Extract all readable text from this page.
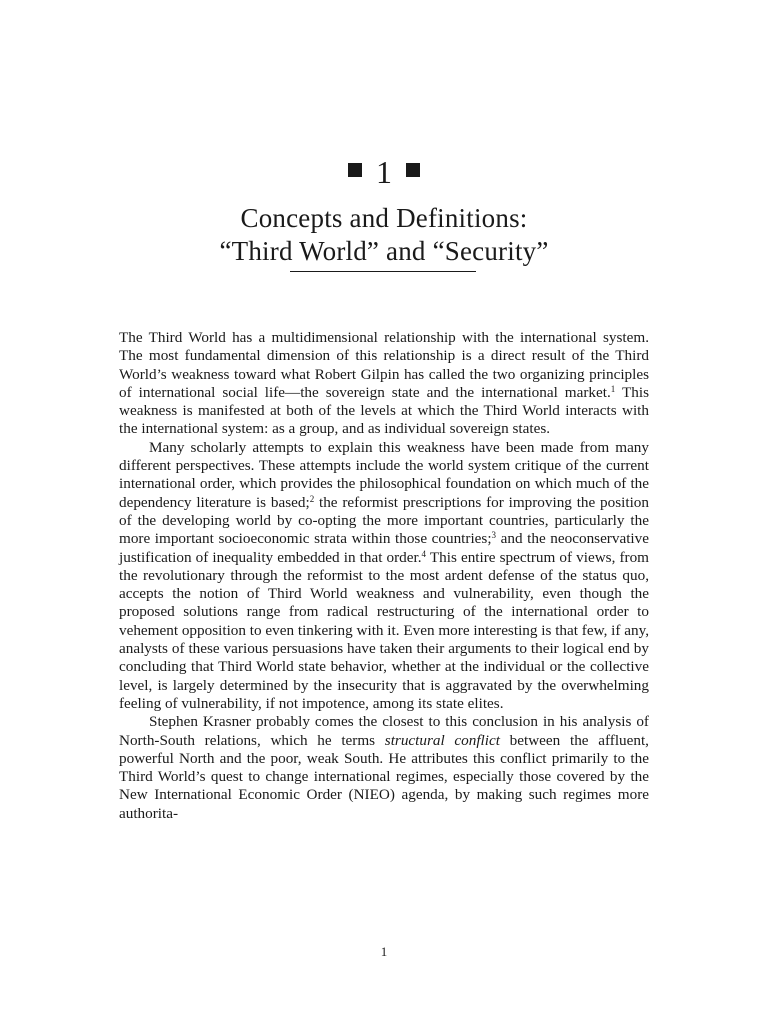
1
Concepts and Definitions:
“Third World” and “Security”

The Third World has a multidimensional relationship with the international system. The most fundamental dimension of this relationship is a direct result of the Third World’s weakness toward what Robert Gilpin has called the two organizing principles of international social life—the sovereign state and the international market.$^1$ This weakness is manifested at both of the levels at which the Third World interacts with the international system: as a group, and as individual sovereign states.

Many scholarly attempts to explain this weakness have been made from many different perspectives. These attempts include the world system critique of the current international order, which provides the philosophical foundation on which much of the dependency literature is based;$^2$ the reformist prescriptions for improving the position of the developing world by co-opting the more important countries, particularly the more important socioeconomic strata within those countries;$^3$ and the neoconservative justification of inequality embedded in that order.$^4$ This entire spectrum of views, from the revolutionary through the reformist to the most ardent defense of the status quo, accepts the notion of Third World weakness and vulnerability, even though the proposed solutions range from radical restructuring of the international order to vehement opposition to even tinkering with it. Even more interesting is that few, if any, analysts of these various persuasions have taken their arguments to their logical end by concluding that Third World state behavior, whether at the individual or the collective level, is largely determined by the insecurity that is aggravated by the overwhelming feeling of vulnerability, if not impotence, among its state elites.

Stephen Krasner probably comes the closest to this conclusion in his analysis of North-South relations, which he terms structural conflict between the affluent, powerful North and the poor, weak South. He attributes this conflict primarily to the Third World’s quest to change international regimes, especially those covered by the New International Economic Order (NIEO) agenda, by making such regimes more authorita-

1
